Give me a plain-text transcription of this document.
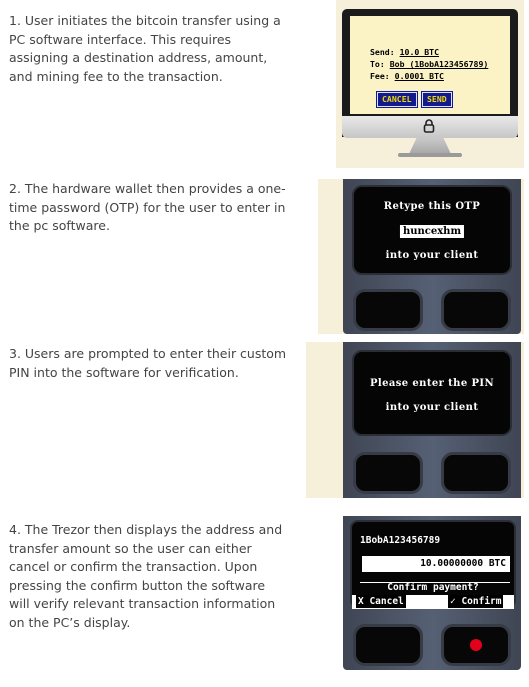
1. User initiates the bitcoin transfer using a PC software interface. This requires assigning a destination address, amount, and mining fee to the transaction.

2. The hardware wallet then provides a one-time password (OTP) for the user to enter in the pc software.

3. Users are prompted to enter their custom PIN into the software for verification.

4. The Trezor then displays the address and transfer amount so the user can either cancel or confirm the transaction. Upon pressing the confirm button the software will verify relevant transaction information on the PC’s display.

Send: 10.0 BTC
To: Bob (1BobA123456789)
Fee: 0.0001 BTC
CANCEL	SEND
Retype this OTP
huncexhm
into your client
Please enter the PIN
into your client
1BobA123456789
10.00000000 BTC
Confirm payment?
X Cancel	✓ Confirm
